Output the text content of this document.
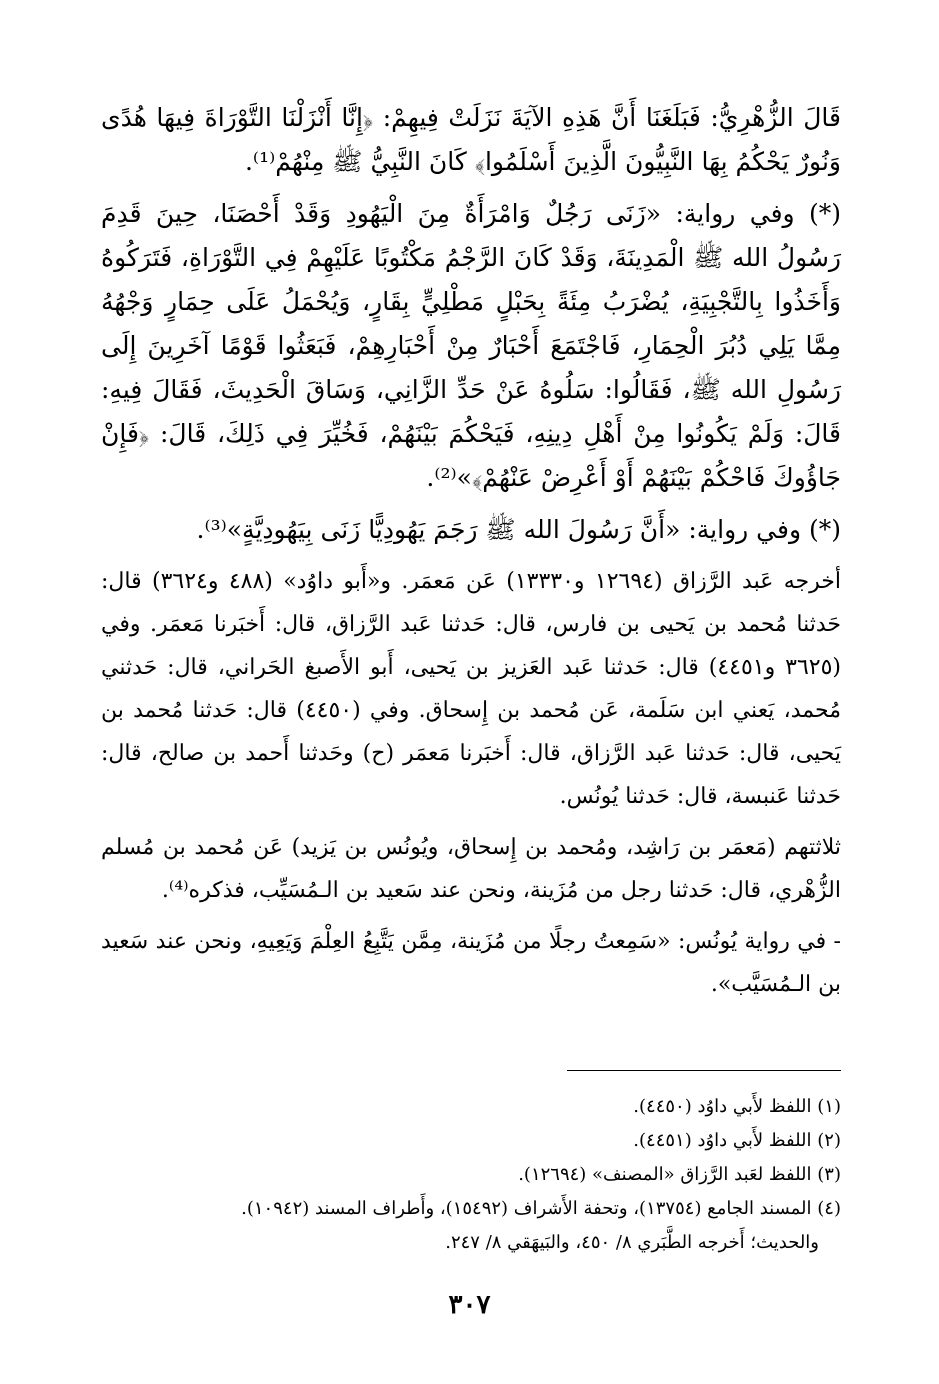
قَالَ الزُّهْرِيُّ: فَبَلَغَنَا أَنَّ هَذِهِ الآيَةَ نَزَلَتْ فِيهِمْ: ﴿إِنَّا أَنْزَلْنَا التَّوْرَاةَ فِيهَا هُدًى وَنُورٌ يَحْكُمُ بِهَا النَّبِيُّونَ الَّذِينَ أَسْلَمُوا﴾ كَانَ النَّبِيُّ ﷺ مِنْهُمْ⁽¹⁾.

(*) وفي رواية: «زَنَى رَجُلٌ وَامْرَأَةٌ مِنَ الْيَهُودِ وَقَدْ أَحْصَنَا، حِينَ قَدِمَ رَسُولُ الله ﷺ الْمَدِينَةَ، وَقَدْ كَانَ الرَّجْمُ مَكْتُوبًا عَلَيْهِمْ فِي التَّوْرَاةِ، فَتَرَكُوهُ وَأَخَذُوا بِالتَّجْبِيَةِ، يُضْرَبُ مِئَةً بِحَبْلٍ مَطْلِيٍّ بِقَارٍ، وَيُحْمَلُ عَلَى حِمَارٍ وَجْهُهُ مِمَّا يَلِي دُبُرَ الْحِمَارِ، فَاجْتَمَعَ أَحْبَارٌ مِنْ أَحْبَارِهِمْ، فَبَعَثُوا قَوْمًا آخَرِينَ إِلَى رَسُولِ الله ﷺ، فَقَالُوا: سَلُوهُ عَنْ حَدِّ الزَّانِي، وَسَاقَ الْحَدِيثَ، فَقَالَ فِيهِ: قَالَ: وَلَمْ يَكُونُوا مِنْ أَهْلِ دِينِهِ، فَيَحْكُمَ بَيْنَهُمْ، فَخُيِّرَ فِي ذَلِكَ، قَالَ: ﴿فَإِنْ جَاؤُوكَ فَاحْكُمْ بَيْنَهُمْ أَوْ أَعْرِضْ عَنْهُمْ﴾»⁽²⁾.

(*) وفي رواية: «أَنَّ رَسُولَ الله ﷺ رَجَمَ يَهُودِيًّا زَنَى بِيَهُودِيَّةٍ»⁽³⁾.

أخرجه عَبد الرَّزاق (١٢٦٩٤ و١٣٣٣٠) عَن مَعمَر. و«أَبو داوُد» (٤٨٨ و٣٦٢٤) قال: حَدثنا مُحمد بن يَحيى بن فارس، قال: حَدثنا عَبد الرَّزاق، قال: أَخبَرنا مَعمَر. وفي (٣٦٢٥ و٤٤٥١) قال: حَدثنا عَبد العَزيز بن يَحيى، أَبو الأَصبغ الحَراني، قال: حَدثني مُحمد، يَعني ابن سَلَمة، عَن مُحمد بن إِسحاق. وفي (٤٤٥٠) قال: حَدثنا مُحمد بن يَحيى، قال: حَدثنا عَبد الرَّزاق، قال: أَخبَرنا مَعمَر (ح) وحَدثنا أَحمد بن صالح، قال: حَدثنا عَنبسة، قال: حَدثنا يُونُس.

ثلاثتهم (مَعمَر بن رَاشِد، ومُحمد بن إِسحاق، ويُونُس بن يَزيد) عَن مُحمد بن مُسلم الزُّهْري، قال: حَدثنا رجل من مُزَينة، ونحن عند سَعيد بن الـمُسَيِّب، فذكره⁽⁴⁾.

- في رواية يُونُس: «سَمِعتُ رجلًا من مُزَينة، مِمَّن يَتَّبِعُ العِلْمَ وَيَعِيهِ، ونحن عند سَعيد بن الـمُسَيَّب».

(١) اللفظ لأَبي داوُد (٤٤٥٠).

(٢) اللفظ لأَبي داوُد (٤٤٥١).

(٣) اللفظ لعَبد الرَّزاق «المصنف» (١٢٦٩٤).

(٤) المسند الجامع (١٣٧٥٤)، وتحفة الأَشراف (١٥٤٩٢)، وأَطراف المسند (١٠٩٤٢).

والحديث؛ أَخرجه الطَّبَري ٨/ ٤٥٠، والبَيهَقي ٨/ ٢٤٧.

٣٠٧
